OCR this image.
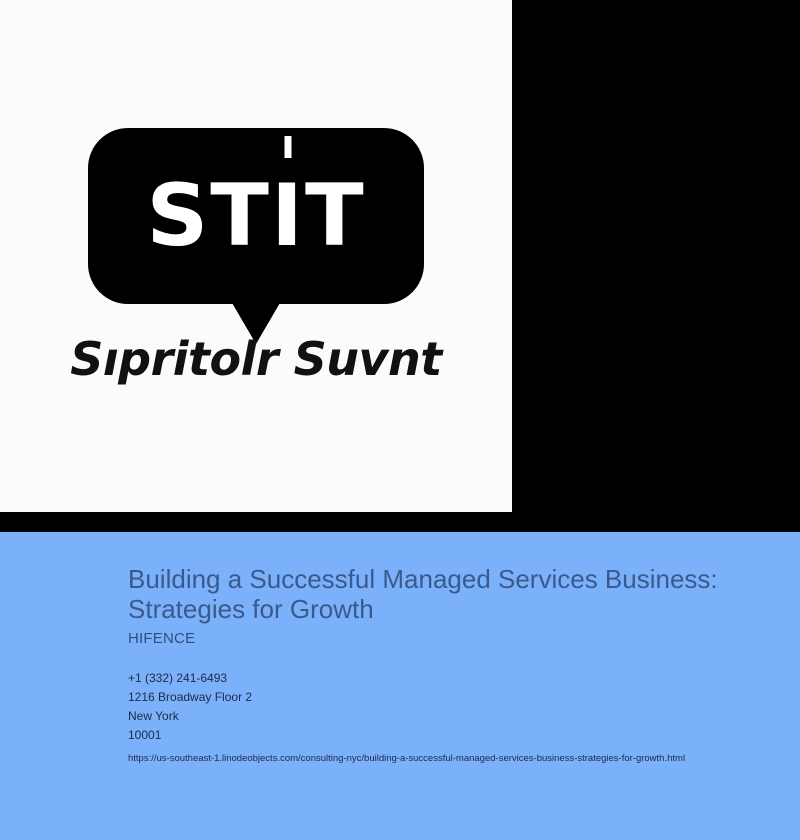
STIT
Sıpritolr Suvnt
Building a Successful Managed Services Business: Strategies for Growth
HIFENCE

+1 (332) 241-6493

1216 Broadway Floor 2

New York

10001

https://us-southeast-1.linodeobjects.com/consulting-nyc/building-a-successful-managed-services-business-strategies-for-growth.html
